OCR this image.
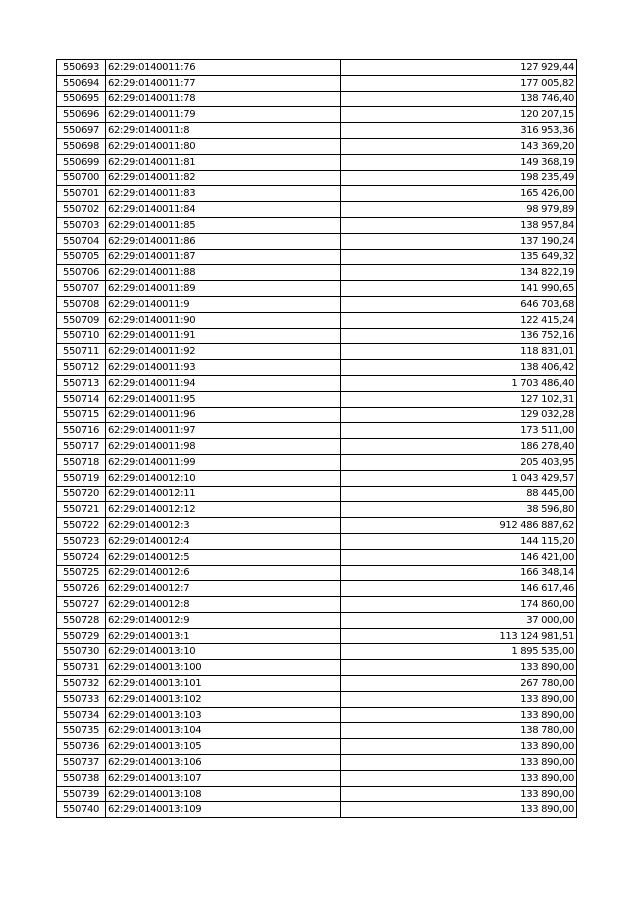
550693	62:29:0140011:76	127 929,44
550694	62:29:0140011:77	177 005,82
550695	62:29:0140011:78	138 746,40
550696	62:29:0140011:79	120 207,15
550697	62:29:0140011:8	316 953,36
550698	62:29:0140011:80	143 369,20
550699	62:29:0140011:81	149 368,19
550700	62:29:0140011:82	198 235,49
550701	62:29:0140011:83	165 426,00
550702	62:29:0140011:84	98 979,89
550703	62:29:0140011:85	138 957,84
550704	62:29:0140011:86	137 190,24
550705	62:29:0140011:87	135 649,32
550706	62:29:0140011:88	134 822,19
550707	62:29:0140011:89	141 990,65
550708	62:29:0140011:9	646 703,68
550709	62:29:0140011:90	122 415,24
550710	62:29:0140011:91	136 752,16
550711	62:29:0140011:92	118 831,01
550712	62:29:0140011:93	138 406,42
550713	62:29:0140011:94	1 703 486,40
550714	62:29:0140011:95	127 102,31
550715	62:29:0140011:96	129 032,28
550716	62:29:0140011:97	173 511,00
550717	62:29:0140011:98	186 278,40
550718	62:29:0140011:99	205 403,95
550719	62:29:0140012:10	1 043 429,57
550720	62:29:0140012:11	88 445,00
550721	62:29:0140012:12	38 596,80
550722	62:29:0140012:3	912 486 887,62
550723	62:29:0140012:4	144 115,20
550724	62:29:0140012:5	146 421,00
550725	62:29:0140012:6	166 348,14
550726	62:29:0140012:7	146 617,46
550727	62:29:0140012:8	174 860,00
550728	62:29:0140012:9	37 000,00
550729	62:29:0140013:1	113 124 981,51
550730	62:29:0140013:10	1 895 535,00
550731	62:29:0140013:100	133 890,00
550732	62:29:0140013:101	267 780,00
550733	62:29:0140013:102	133 890,00
550734	62:29:0140013:103	133 890,00
550735	62:29:0140013:104	138 780,00
550736	62:29:0140013:105	133 890,00
550737	62:29:0140013:106	133 890,00
550738	62:29:0140013:107	133 890,00
550739	62:29:0140013:108	133 890,00
550740	62:29:0140013:109	133 890,00
